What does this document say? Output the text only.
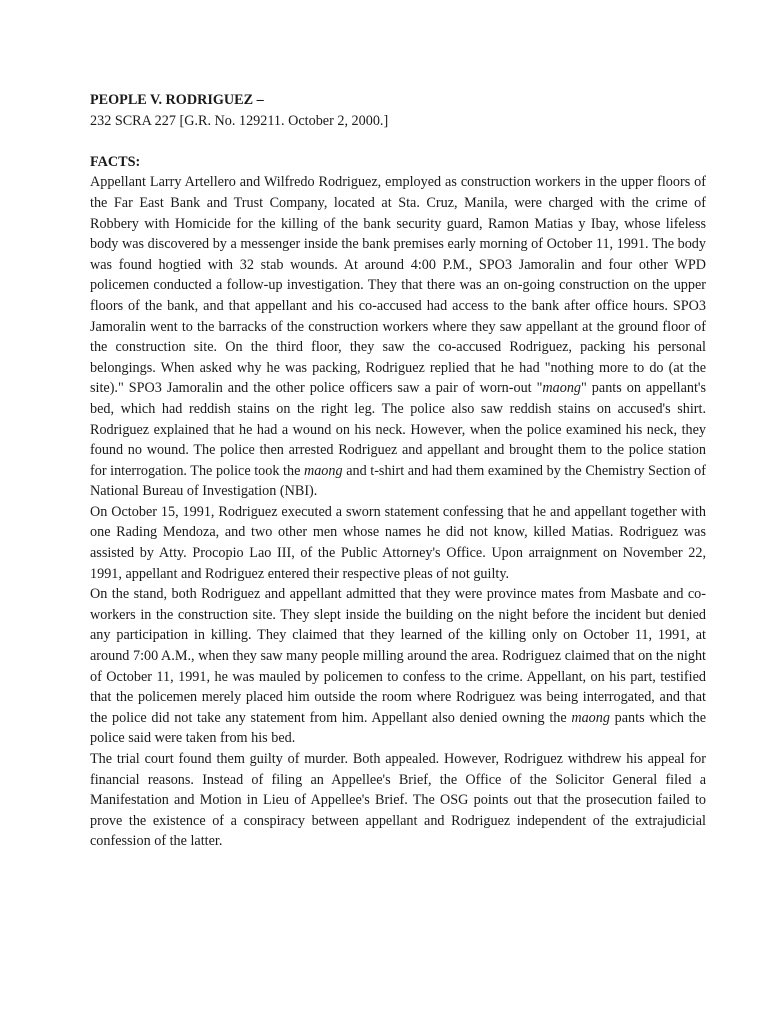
PEOPLE V. RODRIGUEZ –

232 SCRA 227 [G.R. No. 129211. October 2, 2000.]

FACTS:

Appellant Larry Artellero and Wilfredo Rodriguez, employed as construction workers in the upper floors of the Far East Bank and Trust Company, located at Sta. Cruz, Manila, were charged with the crime of Robbery with Homicide for the killing of the bank security guard, Ramon Matias y Ibay, whose lifeless body was discovered by a messenger inside the bank premises early morning of October 11, 1991. The body was found hogtied with 32 stab wounds. At around 4:00 P.M., SPO3 Jamoralin and four other WPD policemen conducted a follow-up investigation. They that there was an on-going construction on the upper floors of the bank, and that appellant and his co-accused had access to the bank after office hours. SPO3 Jamoralin went to the barracks of the construction workers where they saw appellant at the ground floor of the construction site. On the third floor, they saw the co-accused Rodriguez, packing his personal belongings. When asked why he was packing, Rodriguez replied that he had "nothing more to do (at the site)." SPO3 Jamoralin and the other police officers saw a pair of worn-out "maong" pants on appellant's bed, which had reddish stains on the right leg. The police also saw reddish stains on accused's shirt. Rodriguez explained that he had a wound on his neck. However, when the police examined his neck, they found no wound. The police then arrested Rodriguez and appellant and brought them to the police station for interrogation. The police took the maong and t-shirt and had them examined by the Chemistry Section of National Bureau of Investigation (NBI).

On October 15, 1991, Rodriguez executed a sworn statement confessing that he and appellant together with one Rading Mendoza, and two other men whose names he did not know, killed Matias. Rodriguez was assisted by Atty. Procopio Lao III, of the Public Attorney's Office. Upon arraignment on November 22, 1991, appellant and Rodriguez entered their respective pleas of not guilty.

On the stand, both Rodriguez and appellant admitted that they were province mates from Masbate and co-workers in the construction site. They slept inside the building on the night before the incident but denied any participation in killing. They claimed that they learned of the killing only on October 11, 1991, at around 7:00 A.M., when they saw many people milling around the area. Rodriguez claimed that on the night of October 11, 1991, he was mauled by policemen to confess to the crime. Appellant, on his part, testified that the policemen merely placed him outside the room where Rodriguez was being interrogated, and that the police did not take any statement from him. Appellant also denied owning the maong pants which the police said were taken from his bed.

The trial court found them guilty of murder. Both appealed. However, Rodriguez withdrew his appeal for financial reasons. Instead of filing an Appellee's Brief, the Office of the Solicitor General filed a Manifestation and Motion in Lieu of Appellee's Brief. The OSG points out that the prosecution failed to prove the existence of a conspiracy between appellant and Rodriguez independent of the extrajudicial confession of the latter.
